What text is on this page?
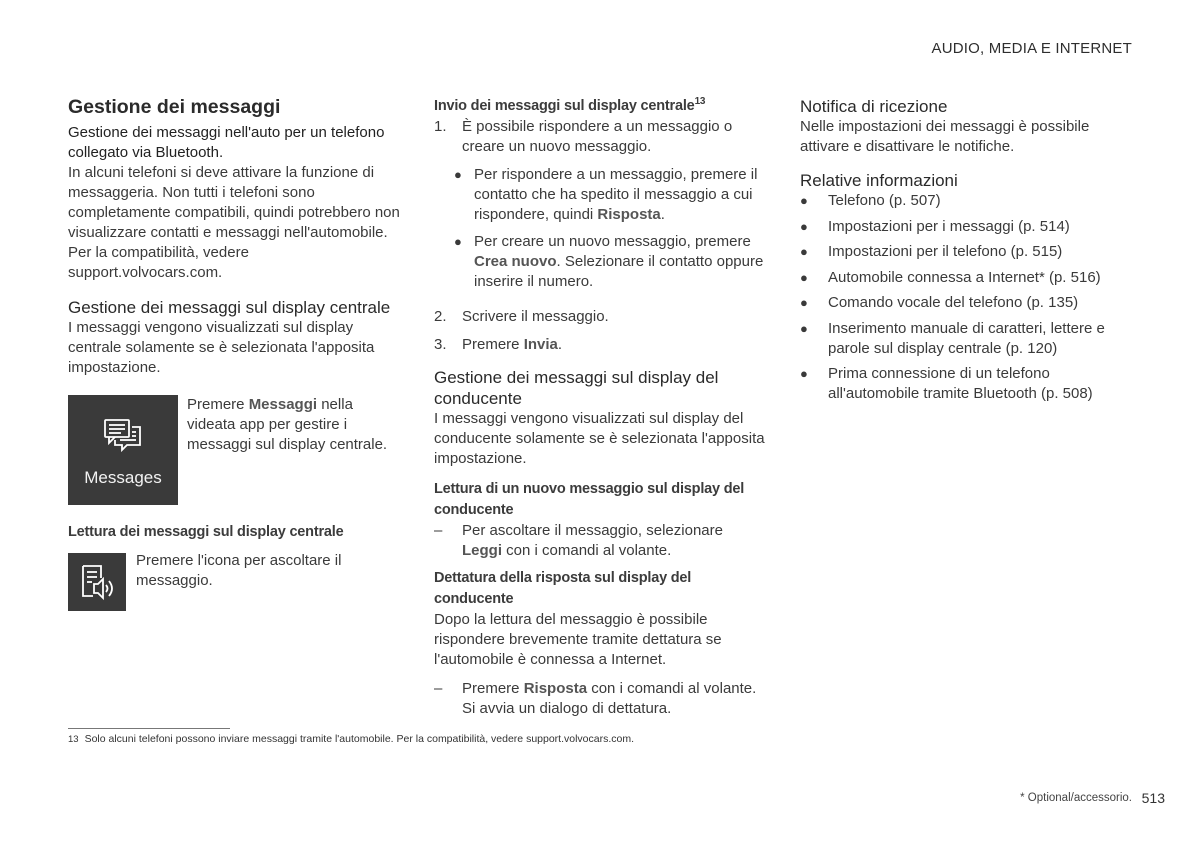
AUDIO, MEDIA E INTERNET
Gestione dei messaggi

Gestione dei messaggi nell'auto per un telefono collegato via Bluetooth.

In alcuni telefoni si deve attivare la funzione di messaggeria. Non tutti i telefoni sono completamente compatibili, quindi potrebbero non visualizzare contatti e messaggi nell'automobile. Per la compatibilità, vedere support.volvocars.com.

Gestione dei messaggi sul display centrale

I messaggi vengono visualizzati sul display centrale solamente se è selezionata l'apposita impostazione.

Messages

Premere Messaggi nella videata app per gestire i messaggi sul display centrale.

Lettura dei messaggi sul display centrale

Premere l'icona per ascoltare il messaggio.

Invio dei messaggi sul display centrale$^{13}$
1.	È possibile rispondere a un messaggio o creare un nuovo messaggio.
● Per rispondere a un messaggio, premere il contatto che ha spedito il messaggio a cui rispondere, quindi Risposta.
● Per creare un nuovo messaggio, premere Crea nuovo. Selezionare il contatto oppure inserire il numero.
2.	Scrivere il messaggio.
3.	Premere Invia.
Gestione dei messaggi sul display del conducente

I messaggi vengono visualizzati sul display del conducente solamente se è selezionata l'apposita impostazione.

Lettura di un nuovo messaggio sul display del conducente
–	Per ascoltare il messaggio, selezionare Leggi con i comandi al volante.
Dettatura della risposta sul display del conducente

Dopo la lettura del messaggio è possibile rispondere brevemente tramite dettatura se l'automobile è connessa a Internet.

–	Premere Risposta con i comandi al volante. Si avvia un dialogo di dettatura.
Notifica di ricezione

Nelle impostazioni dei messaggi è possibile attivare e disattivare le notifiche.

Relative informazioni
●	Telefono (p. 507)
●	Impostazioni per i messaggi (p. 514)
●	Impostazioni per il telefono (p. 515)
●	Automobile connessa a Internet* (p. 516)
●	Comando vocale del telefono (p. 135)
●	Inserimento manuale di caratteri, lettere e parole sul display centrale (p. 120)
●	Prima connessione di un telefono all'automobile tramite Bluetooth (p. 508)
13 Solo alcuni telefoni possono inviare messaggi tramite l'automobile. Per la compatibilità, vedere support.volvocars.com.
* Optional/accessorio. 513
